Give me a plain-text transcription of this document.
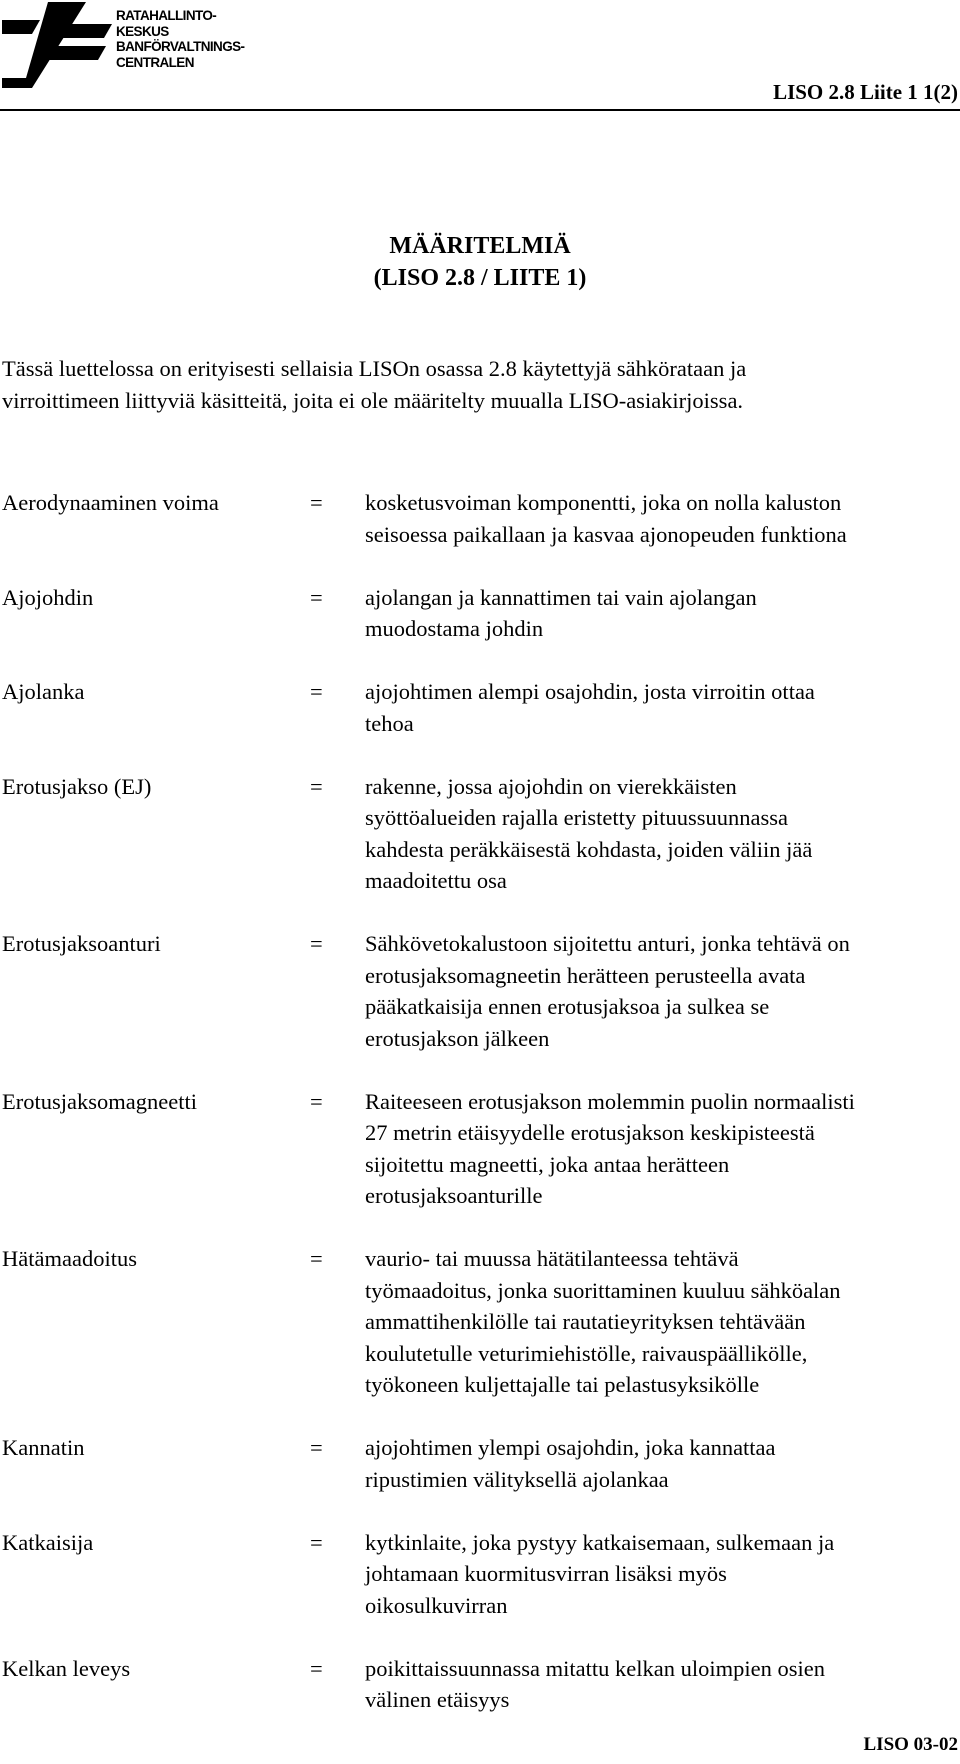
RATAHALLINTO-
KESKUS
BANFÖRVALTNINGS-
CENTRALEN
LISO 2.8 Liite 1 1(2)
MÄÄRITELMIÄ
(LISO 2.8 / LIITE 1)
Tässä luettelossa on erityisesti sellaisia LISOn osassa 2.8 käytettyjä sähkörataan ja
virroittimeen liittyviä käsitteitä, joita ei ole määritelty muualla LISO-asiakirjoissa.
Aerodynaaminen voima	=	kosketusvoiman komponentti, joka on nolla kaluston
seisoessa paikallaan ja kasvaa ajonopeuden funktiona
Ajojohdin	=	ajolangan ja kannattimen tai vain ajolangan
muodostama johdin
Ajolanka	=	ajojohtimen alempi osajohdin, josta virroitin ottaa
tehoa
Erotusjakso (EJ)	=	rakenne, jossa ajojohdin on vierekkäisten
syöttöalueiden rajalla eristetty pituussuunnassa
kahdesta peräkkäisestä kohdasta, joiden väliin jää
maadoitettu osa
Erotusjaksoanturi	=	Sähkövetokalustoon sijoitettu anturi, jonka tehtävä on
erotusjaksomagneetin herätteen perusteella avata
pääkatkaisija ennen erotusjaksoa ja sulkea se
erotusjakson jälkeen
Erotusjaksomagneetti	=	Raiteeseen erotusjakson molemmin puolin normaalisti
27 metrin etäisyydelle erotusjakson keskipisteestä
sijoitettu magneetti, joka antaa herätteen
erotusjaksoanturille
Hätämaadoitus	=	vaurio- tai muussa hätätilanteessa tehtävä
työmaadoitus, jonka suorittaminen kuuluu sähköalan
ammattihenkilölle tai rautatieyrityksen tehtävään
koulutetulle veturimiehistölle, raivauspäällikölle,
työkoneen kuljettajalle tai pelastusyksikölle
Kannatin	=	ajojohtimen ylempi osajohdin, joka kannattaa
ripustimien välityksellä ajolankaa
Katkaisija	=	kytkinlaite, joka pystyy katkaisemaan, sulkemaan ja
johtamaan kuormitusvirran lisäksi myös
oikosulkuvirran
Kelkan leveys	=	poikittaissuunnassa mitattu kelkan uloimpien osien
välinen etäisyys
LISO 03-02
